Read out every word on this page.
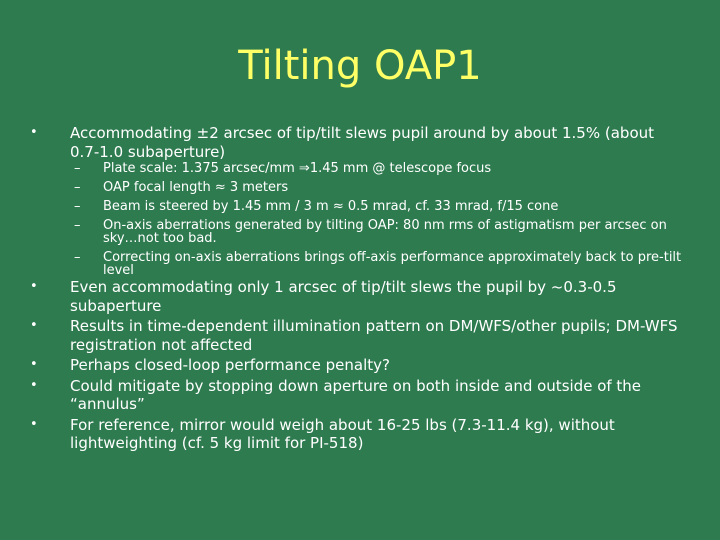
Tilting OAP1
• Accommodating ±2 arcsec of tip/tilt slews pupil around by about 1.5% (about 0.7-1.0 subaperture)
– Plate scale: 1.375 arcsec/mm ⇒1.45 mm @ telescope focus
– OAP focal length ≈ 3 meters
– Beam is steered by 1.45 mm / 3 m ≈ 0.5 mrad, cf. 33 mrad, f/15 cone
– On-axis aberrations generated by tilting OAP: 80 nm rms of astigmatism per arcsec on sky…not too bad.
– Correcting on-axis aberrations brings off-axis performance approximately back to pre-tilt level
• Even accommodating only 1 arcsec of tip/tilt slews the pupil by ~0.3-0.5 subaperture
• Results in time-dependent illumination pattern on DM/WFS/other pupils; DM-WFS registration not affected
• Perhaps closed-loop performance penalty?
• Could mitigate by stopping down aperture on both inside and outside of the “annulus”
• For reference, mirror would weigh about 16-25 lbs (7.3-11.4 kg), without lightweighting (cf. 5 kg limit for PI-518)
